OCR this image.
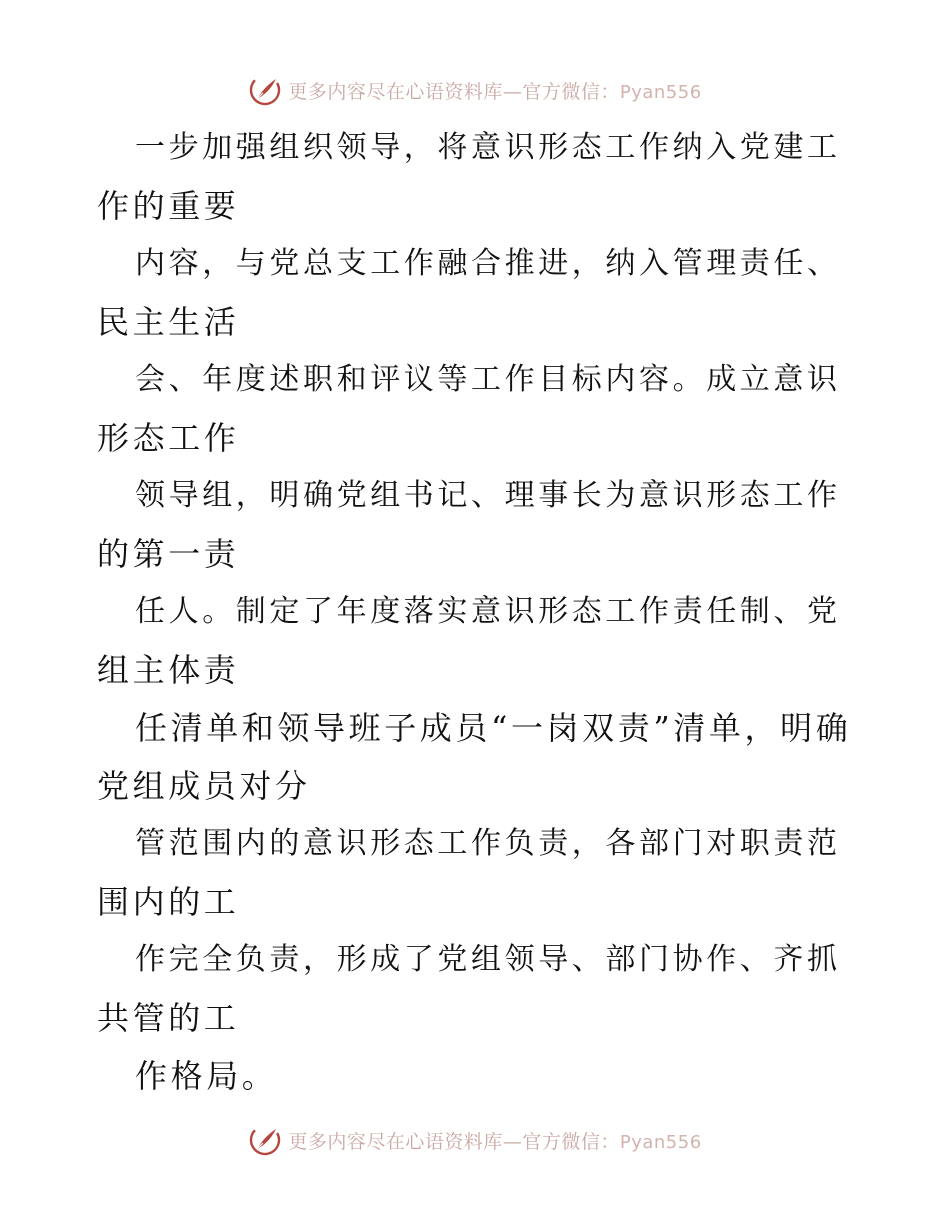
更多内容尽在心语资料库—官方微信：Pyan556
一步加强组织领导，将意识形态工作纳入党建工
作的重要
内容，与党总支工作融合推进，纳入管理责任、
民主生活
会、年度述职和评议等工作目标内容。成立意识
形态工作
领导组，明确党组书记、理事长为意识形态工作
的第一责
任人。制定了年度落实意识形态工作责任制、党
组主体责
任清单和领导班子成员“一岗双责”清单，明确
党组成员对分
管范围内的意识形态工作负责，各部门对职责范
围内的工
作完全负责，形成了党组领导、部门协作、齐抓
共管的工
作格局。
更多内容尽在心语资料库—官方微信：Pyan556
